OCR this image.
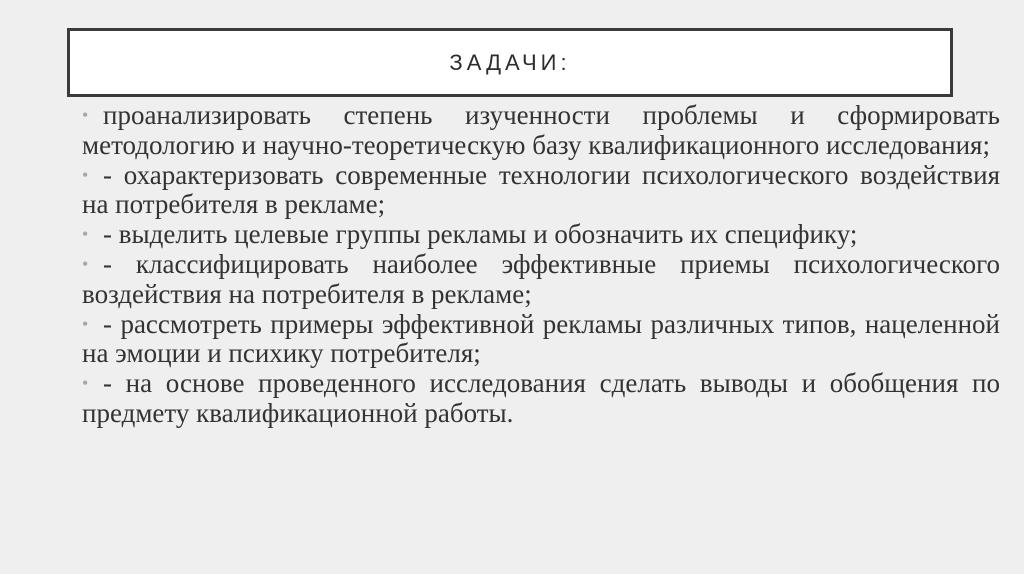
ЗАДАЧИ:
• проанализировать степень изученности проблемы и сформировать методологию и научно-теоретическую базу квалификационного исследования;
• - охарактеризовать современные технологии психологического воздействия на потребителя в рекламе;
• - выделить целевые группы рекламы и обозначить их специфику;
• - классифицировать наиболее эффективные приемы психологического воздействия на потребителя в рекламе;
• - рассмотреть примеры эффективной рекламы различных типов, нацеленной на эмоции и психику потребителя;
• - на основе проведенного исследования сделать выводы и обобщения по предмету квалификационной работы.
